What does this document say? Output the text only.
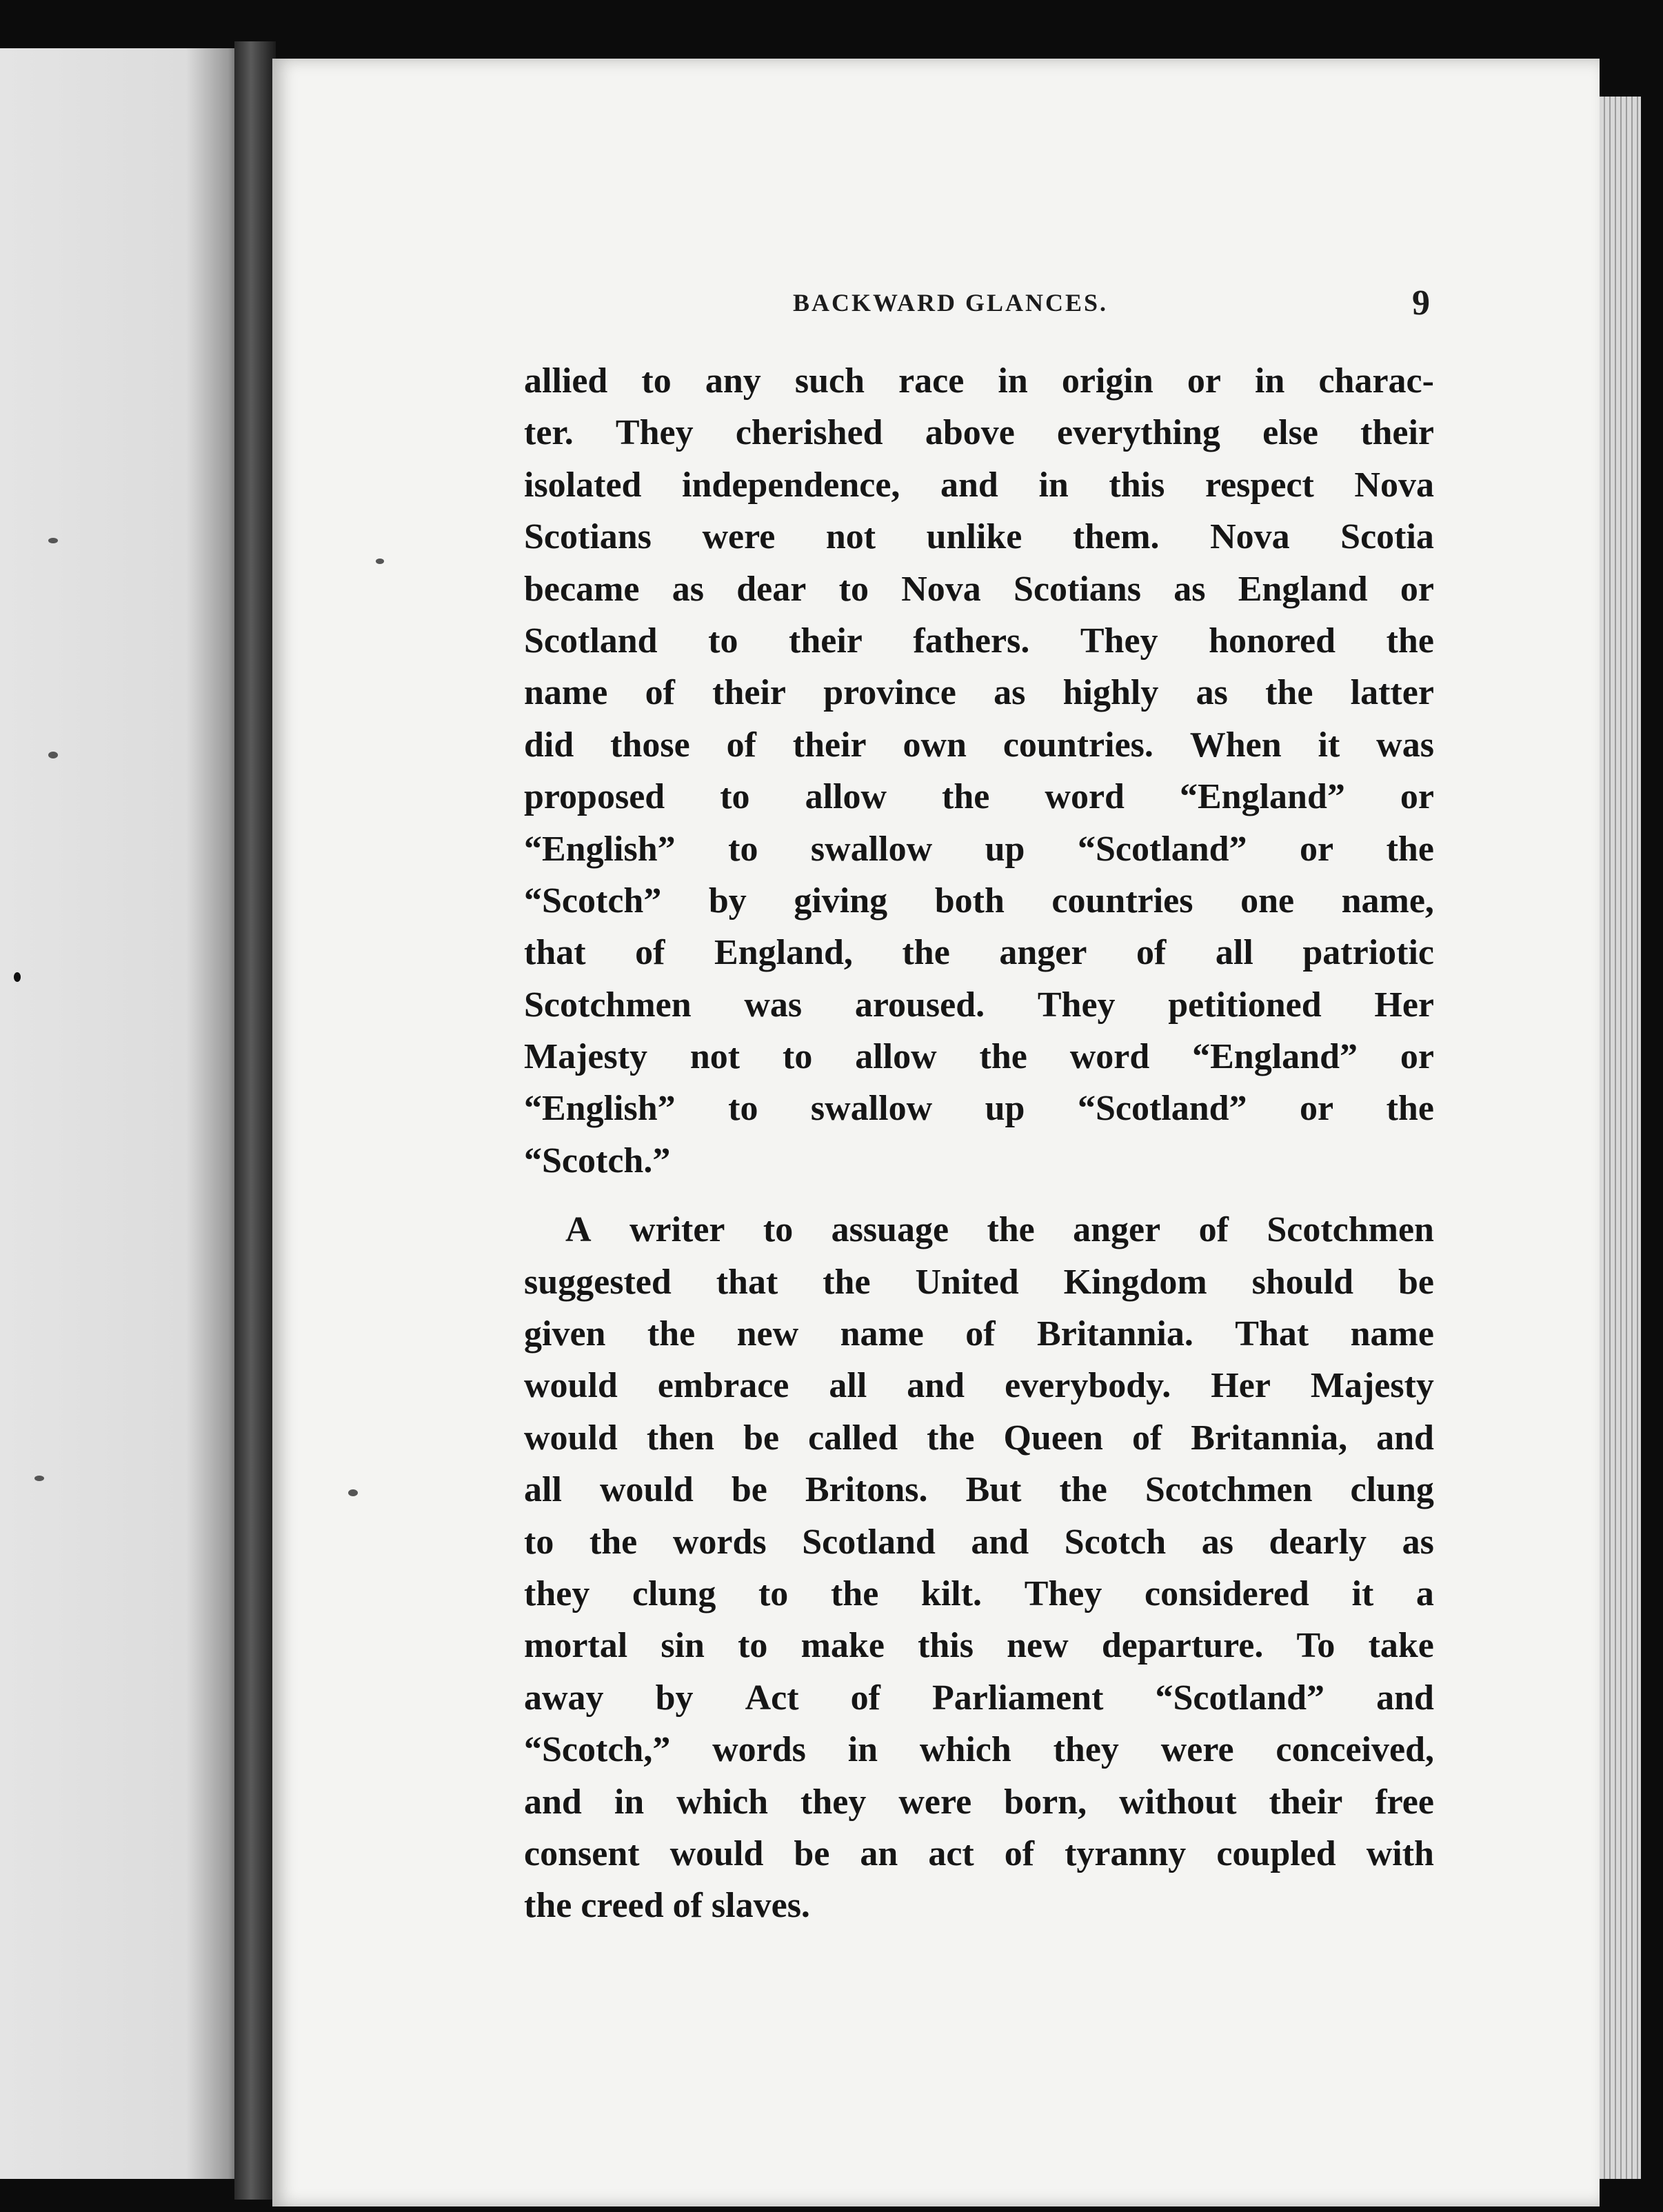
BACKWARD GLANCES.	9
allied to any such race in origin or in charac-
ter. They cherished above everything else their
isolated independence, and in this respect Nova
Scotians were not unlike them. Nova Scotia
became as dear to Nova Scotians as England or
Scotland to their fathers. They honored the
name of their province as highly as the latter
did those of their own countries. When it was
proposed to allow the word “England” or
“English” to swallow up “Scotland” or the
“Scotch” by giving both countries one name,
that of England, the anger of all patriotic
Scotchmen was aroused. They petitioned Her
Majesty not to allow the word “England” or
“English” to swallow up “Scotland” or the
“Scotch.”
A writer to assuage the anger of Scotchmen
suggested that the United Kingdom should be
given the new name of Britannia. That name
would embrace all and everybody. Her Majesty
would then be called the Queen of Britannia, and
all would be Britons. But the Scotchmen clung
to the words Scotland and Scotch as dearly as
they clung to the kilt. They considered it a
mortal sin to make this new departure. To take
away by Act of Parliament “Scotland” and
“Scotch,” words in which they were conceived,
and in which they were born, without their free
consent would be an act of tyranny coupled with
the creed of slaves.
